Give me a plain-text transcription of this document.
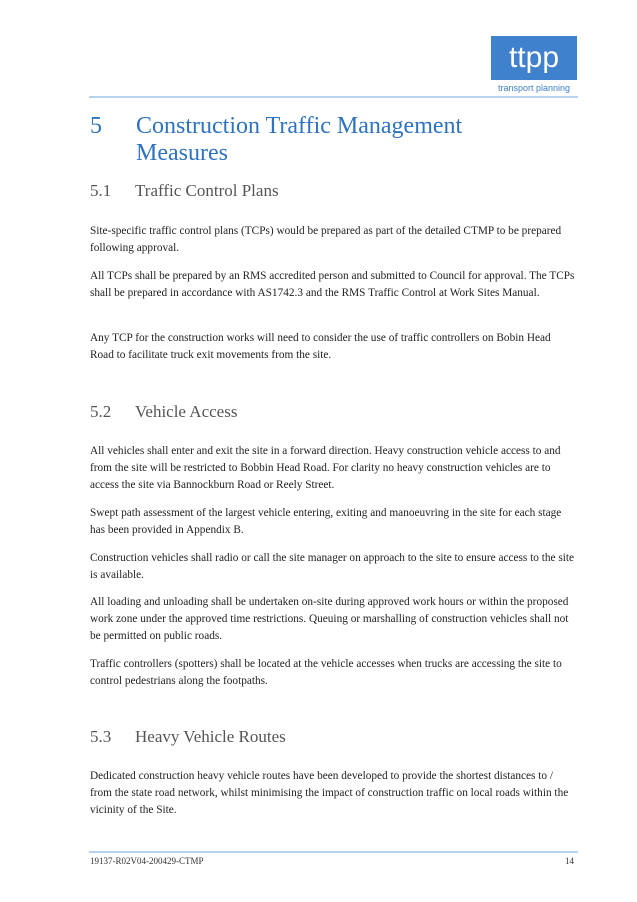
ttpp
transport planning
5 Construction Traffic Management Measures
5.1 Traffic Control Plans

Site-specific traffic control plans (TCPs) would be prepared as part of the detailed CTMP to be prepared following approval.

All TCPs shall be prepared by an RMS accredited person and submitted to Council for approval. The TCPs shall be prepared in accordance with AS1742.3 and the RMS Traffic Control at Work Sites Manual.

Any TCP for the construction works will need to consider the use of traffic controllers on Bobin Head Road to facilitate truck exit movements from the site.

5.2 Vehicle Access

All vehicles shall enter and exit the site in a forward direction. Heavy construction vehicle access to and from the site will be restricted to Bobbin Head Road. For clarity no heavy construction vehicles are to access the site via Bannockburn Road or Reely Street.

Swept path assessment of the largest vehicle entering, exiting and manoeuvring in the site for each stage has been provided in Appendix B.

Construction vehicles shall radio or call the site manager on approach to the site to ensure access to the site is available.

All loading and unloading shall be undertaken on-site during approved work hours or within the proposed work zone under the approved time restrictions. Queuing or marshalling of construction vehicles shall not be permitted on public roads.

Traffic controllers (spotters) shall be located at the vehicle accesses when trucks are accessing the site to control pedestrians along the footpaths.

5.3 Heavy Vehicle Routes

Dedicated construction heavy vehicle routes have been developed to provide the shortest distances to / from the state road network, whilst minimising the impact of construction traffic on local roads within the vicinity of the Site.

19137-R02V04-200429-CTMP	14
